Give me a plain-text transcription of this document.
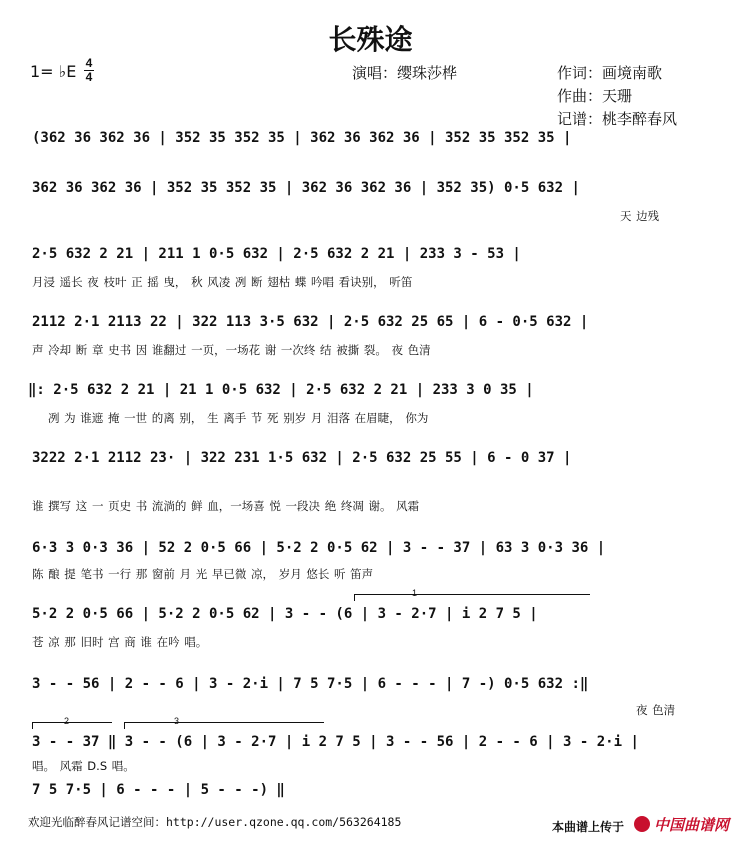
长殊途
1= ♭E 4
4	演唱：缨珠莎桦	作词：画境南歌
作曲：天珊
记谱：桃李醉春风
(362 36 362 36 | 352 35 352 35 | 362 36 362 36 | 352 35 352 35 |
362 36 362 36 | 352 35 352 35 | 362 36 362 36 | 352 35) 0·5 632 |
天 边残
2·5 632 2 21 | 211 1 0·5 632 | 2·5 632 2 21 | 233 3 - 53 |
月浸 遥长 夜 枝叶 正 摇 曳， 秋 风凌 冽 断 翅枯 蝶 吟唱 看诀别， 听笛
2112 2·1 2113 22 | 322 113 3·5 632 | 2·5 632 25 65 | 6 - 0·5 632 |
声 冷却 断 章 史书 因 谁翻过 一页，一场花 谢 一次终 结 被撕 裂。 夜 色清
‖: 2·5 632 2 21 | 21 1 0·5 632 | 2·5 632 2 21 | 233 3 0 35 |
冽 为 谁遮 掩 一世 的离 别， 生 离手 节 死 别岁 月 泪落 在眉睫， 你为
3222 2·1 2112 23· | 322 231 1·5 632 | 2·5 632 25 55 | 6 - 0 37 |
谁 撰写 这 一 页史 书 流淌的 鲜 血，一场喜 悦 一段决 绝 终凋 谢。 风霜
6·3 3 0·3 36 | 52 2 0·5 66 | 5·2 2 0·5 62 | 3 - - 37 | 63 3 0·3 36 |
陈 酿 提 笔书 一行 那 窗前 月 光 早已微 凉， 岁月 悠长 听 笛声
1
5·2 2 0·5 66 | 5·2 2 0·5 62 | 3 - - (6 | 3 - 2·7 | i 2 7 5 |
苍 凉 那 旧时 宫 商 谁 在吟 唱。
3 - - 56 | 2 - - 6 | 3 - 2·i | 7 5 7·5 | 6 - - - | 7 -) 0·5 632 :‖
夜 色清
2	3
3 - - 37 ‖ 3 - - (6 | 3 - 2·7 | i 2 7 5 | 3 - - 56 | 2 - - 6 | 3 - 2·i |
唱。 风霜 D.S 唱。
7 5 7·5 | 6 - - - | 5 - - -) ‖
欢迎光临醉春风记谱空间：http://user.qzone.qq.com/563264185	本曲谱上传于 中国曲谱网
